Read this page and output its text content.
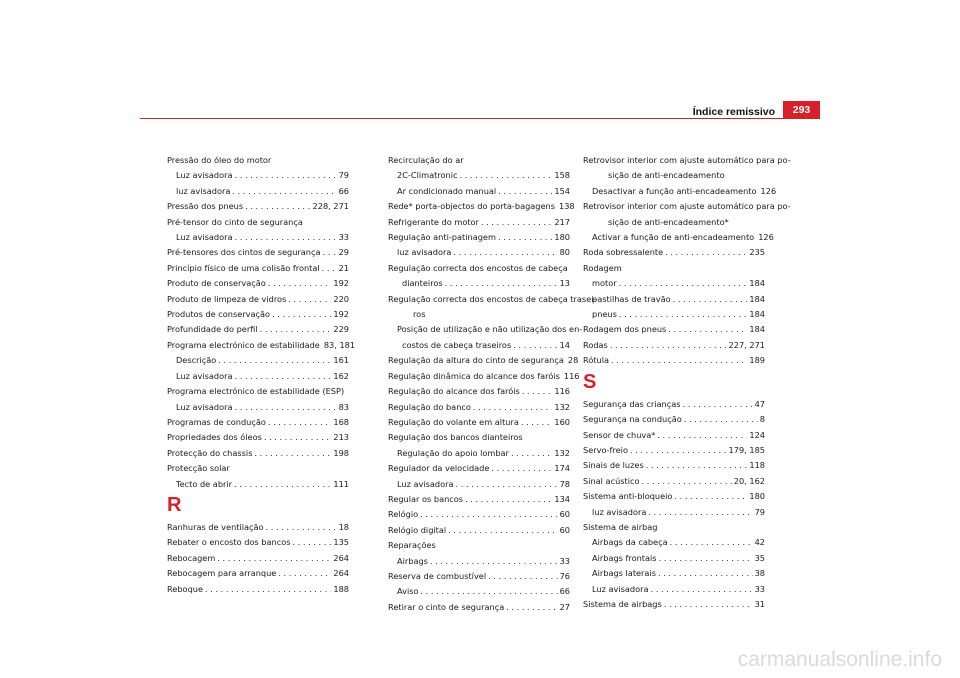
Índice remissivo	293
Pressão do óleo do motor
Luz avisadora . . .	79
luz avisadora . . .	66
Pressão dos pneus . . .	228, 271
Pré-tensor do cinto de segurança
Luz avisadora . . .	33
Pré-tensores dos cintos de segurança . . . 29
Princípio físico de uma colisão frontal . . . 21
Produto de conservação . . .	192
Produto de limpeza de vidros . . .	220
Produtos de conservação . . .	192
Profundidade do perfil . . .	229
Programa electrónico de estabilidade 83, 181
Descrição . . .	161
Luz avisadora . . .	162
Programa electrónico de estabilidade (ESP)
Luz avisadora . . .	83
Programas de condução . . .	168
Propriedades dos óleos . . .	213
Protecção do chassis . . .	198
Protecção solar
Tecto de abrir . . .	111
R
Ranhuras de ventilação . . .	18
Rebater o encosto dos bancos . . .	135
Rebocagem . . .	264
Rebocagem para arranque . . .	264
Reboque . . .	188
Recirculação do ar
2C-Climatronic . . .	158
Ar condicionado manual . . .	154
Rede* porta-objectos do porta-bagagens 138
Refrigerante do motor . . .	217
Regulação anti-patinagem . . .	180
luz avisadora . . .	80
Regulação correcta dos encostos de cabeça
dianteiros . . .	13
Regulação correcta dos encostos de cabeça trasei-
ros
Posição de utilização e não utilização dos en-
costos de cabeça traseiros . . .	14
Regulação da altura do cinto de segurança 28
Regulação dinâmica do alcance dos faróis 116
Regulação do alcance dos faróis . . .	116
Regulação do banco . . .	132
Regulação do volante em altura . . .	160
Regulação dos bancos dianteiros
Regulação do apoio lombar . . .	132
Regulador da velocidade . . .	174
Luz avisadora . . .	78
Regular os bancos . . .	134
Relógio . . .	60
Relógio digital . . .	60
Reparações
Airbags . . .	33
Reserva de combustível . . .	76
Aviso . . .	66
Retirar o cinto de segurança . . .	27
Retrovisor interior com ajuste automático para po-
sição de anti-encadeamento
Desactivar a função anti-encadeamento 126
Retrovisor interior com ajuste automático para po-
sição de anti-encadeamento*
Activar a função de anti-encadeamento 126
Roda sobressalente . . .	235
Rodagem
motor . . .	184
pastilhas de travão . . .	184
pneus . . .	184
Rodagem dos pneus . . .	184
Rodas . . .	227, 271
Rótula . . .	189
S
Segurança das crianças . . .	47
Segurança na condução . . .	8
Sensor de chuva* . . .	124
Servo-freio . . .	179, 185
Sinais de luzes . . .	118
Sinal acústico . . .	20, 162
Sistema anti-bloqueio . . .	180
luz avisadora . . .	79
Sistema de airbag
Airbags da cabeça . . .	42
Airbags frontais . . .	35
Airbags laterais . . .	38
Luz avisadora . . .	33
Sistema de airbags . . .	31
carmanualsonline.info
